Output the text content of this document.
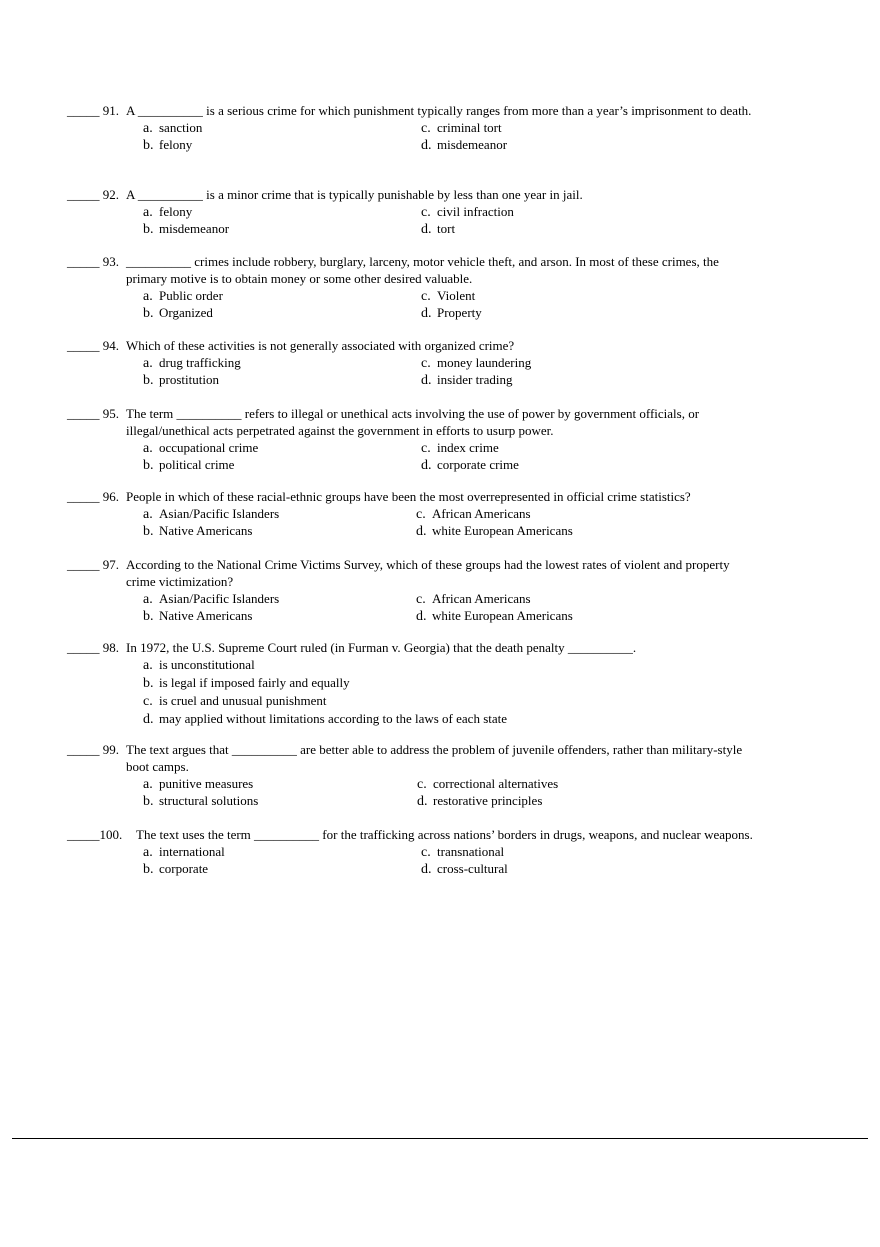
_____ 91. A __________ is a serious crime for which punishment typically ranges from more than a year’s imprisonment to death.
a. sanction	c. criminal tort
b. felony	d. misdemeanor
_____ 92. A __________ is a minor crime that is typically punishable by less than one year in jail.
a. felony	c. civil infraction
b. misdemeanor	d. tort
_____ 93. __________ crimes include robbery, burglary, larceny, motor vehicle theft, and arson. In most of these crimes, the primary motive is to obtain money or some other desired valuable.
a. Public order	c. Violent
b. Organized	d. Property
_____ 94. Which of these activities is not generally associated with organized crime?
a. drug trafficking	c. money laundering
b. prostitution	d. insider trading
_____ 95. The term __________ refers to illegal or unethical acts involving the use of power by government officials, or illegal/unethical acts perpetrated against the government in efforts to usurp power.
a. occupational crime	c. index crime
b. political crime	d. corporate crime
_____ 96. People in which of these racial-ethnic groups have been the most overrepresented in official crime statistics?
a. Asian/Pacific Islanders	c. African Americans
b. Native Americans	d. white European Americans
_____ 97. According to the National Crime Victims Survey, which of these groups had the lowest rates of violent and property crime victimization?
a. Asian/Pacific Islanders	c. African Americans
b. Native Americans	d. white European Americans
_____ 98. In 1972, the U.S. Supreme Court ruled (in Furman v. Georgia) that the death penalty __________.
a. is unconstitutional
b. is legal if imposed fairly and equally
c. is cruel and unusual punishment
d. may applied without limitations according to the laws of each state
_____ 99. The text argues that __________ are better able to address the problem of juvenile offenders, rather than military-style boot camps.
a. punitive measures	c. correctional alternatives
b. structural solutions	d. restorative principles
_____100. The text uses the term __________ for the trafficking across nations’ borders in drugs, weapons, and nuclear weapons.
a. international	c. transnational
b. corporate	d. cross-cultural
